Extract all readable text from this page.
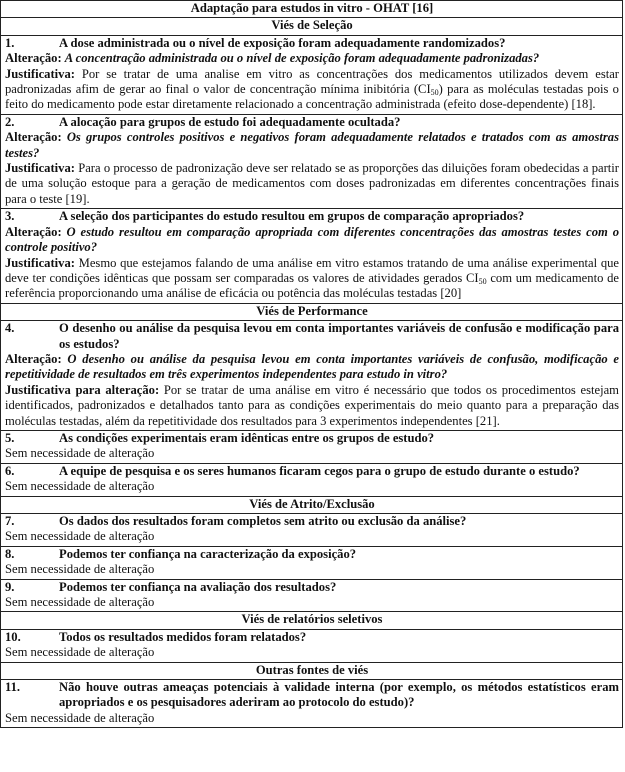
Adaptação para estudos in vitro - OHAT [16]
Viés de Seleção

1.	A dose administrada ou o nível de exposição foram adequadamente randomizados?
Alteração: A concentração administrada ou o nível de exposição foram adequadamente padronizadas?
Justificativa: Por se tratar de uma analise em vitro as concentrações dos medicamentos utilizados devem estar padronizadas afim de gerar ao final o valor de concentração mínima inibitória $(CI_{50})$ para as moléculas testadas pois o feito do medicamento pode estar diretamente relacionado a concentração administrada (efeito dose-dependente) [18].

2.	A alocação para grupos de estudo foi adequadamente ocultada?
Alteração: Os grupos controles positivos e negativos foram adequadamente relatados e tratados com as amostras testes?
Justificativa: Para o processo de padronização deve ser relatado se as proporções das diluições foram obedecidas a partir de uma solução estoque para a geração de medicamentos com doses padronizadas em diferentes concentrações finais para o teste [19].

3.	A seleção dos participantes do estudo resultou em grupos de comparação apropriados?
Alteração: O estudo resultou em comparação apropriada com diferentes concentrações das amostras testes com o controle positivo?
Justificativa: Mesmo que estejamos falando de uma análise em vitro estamos tratando de uma análise experimental que deve ter condições idênticas que possam ser comparadas os valores de atividades gerados $CI_{50}$ com um medicamento de referência proporcionando uma análise de eficácia ou potência das moléculas testadas [20]

Viés de Performance

4.	O desenho ou análise da pesquisa levou em conta importantes variáveis de confusão e modificação para os estudos?
Alteração: O desenho ou análise da pesquisa levou em conta importantes variáveis de confusão, modificação e repetitividade de resultados em três experimentos independentes para estudo in vitro?
Justificativa para alteração: Por se tratar de uma análise em vitro é necessário que todos os procedimentos estejam identificados, padronizados e detalhados tanto para as condições experimentais do meio quanto para a preparação das moléculas testadas, além da repetitividade dos resultados para 3 experimentos independentes [21].

5.	As condições experimentais eram idênticas entre os grupos de estudo?
Sem necessidade de alteração

6.	A equipe de pesquisa e os seres humanos ficaram cegos para o grupo de estudo durante o estudo?
Sem necessidade de alteração

Viés de Atrito/Exclusão

7.	Os dados dos resultados foram completos sem atrito ou exclusão da análise?
Sem necessidade de alteração

8.	Podemos ter confiança na caracterização da exposição?
Sem necessidade de alteração

9.	Podemos ter confiança na avaliação dos resultados?
Sem necessidade de alteração

Viés de relatórios seletivos

10.	Todos os resultados medidos foram relatados?
Sem necessidade de alteração

Outras fontes de viés

11.	Não houve outras ameaças potenciais à validade interna (por exemplo, os métodos estatísticos eram apropriados e os pesquisadores aderiram ao protocolo do estudo)?
Sem necessidade de alteração
